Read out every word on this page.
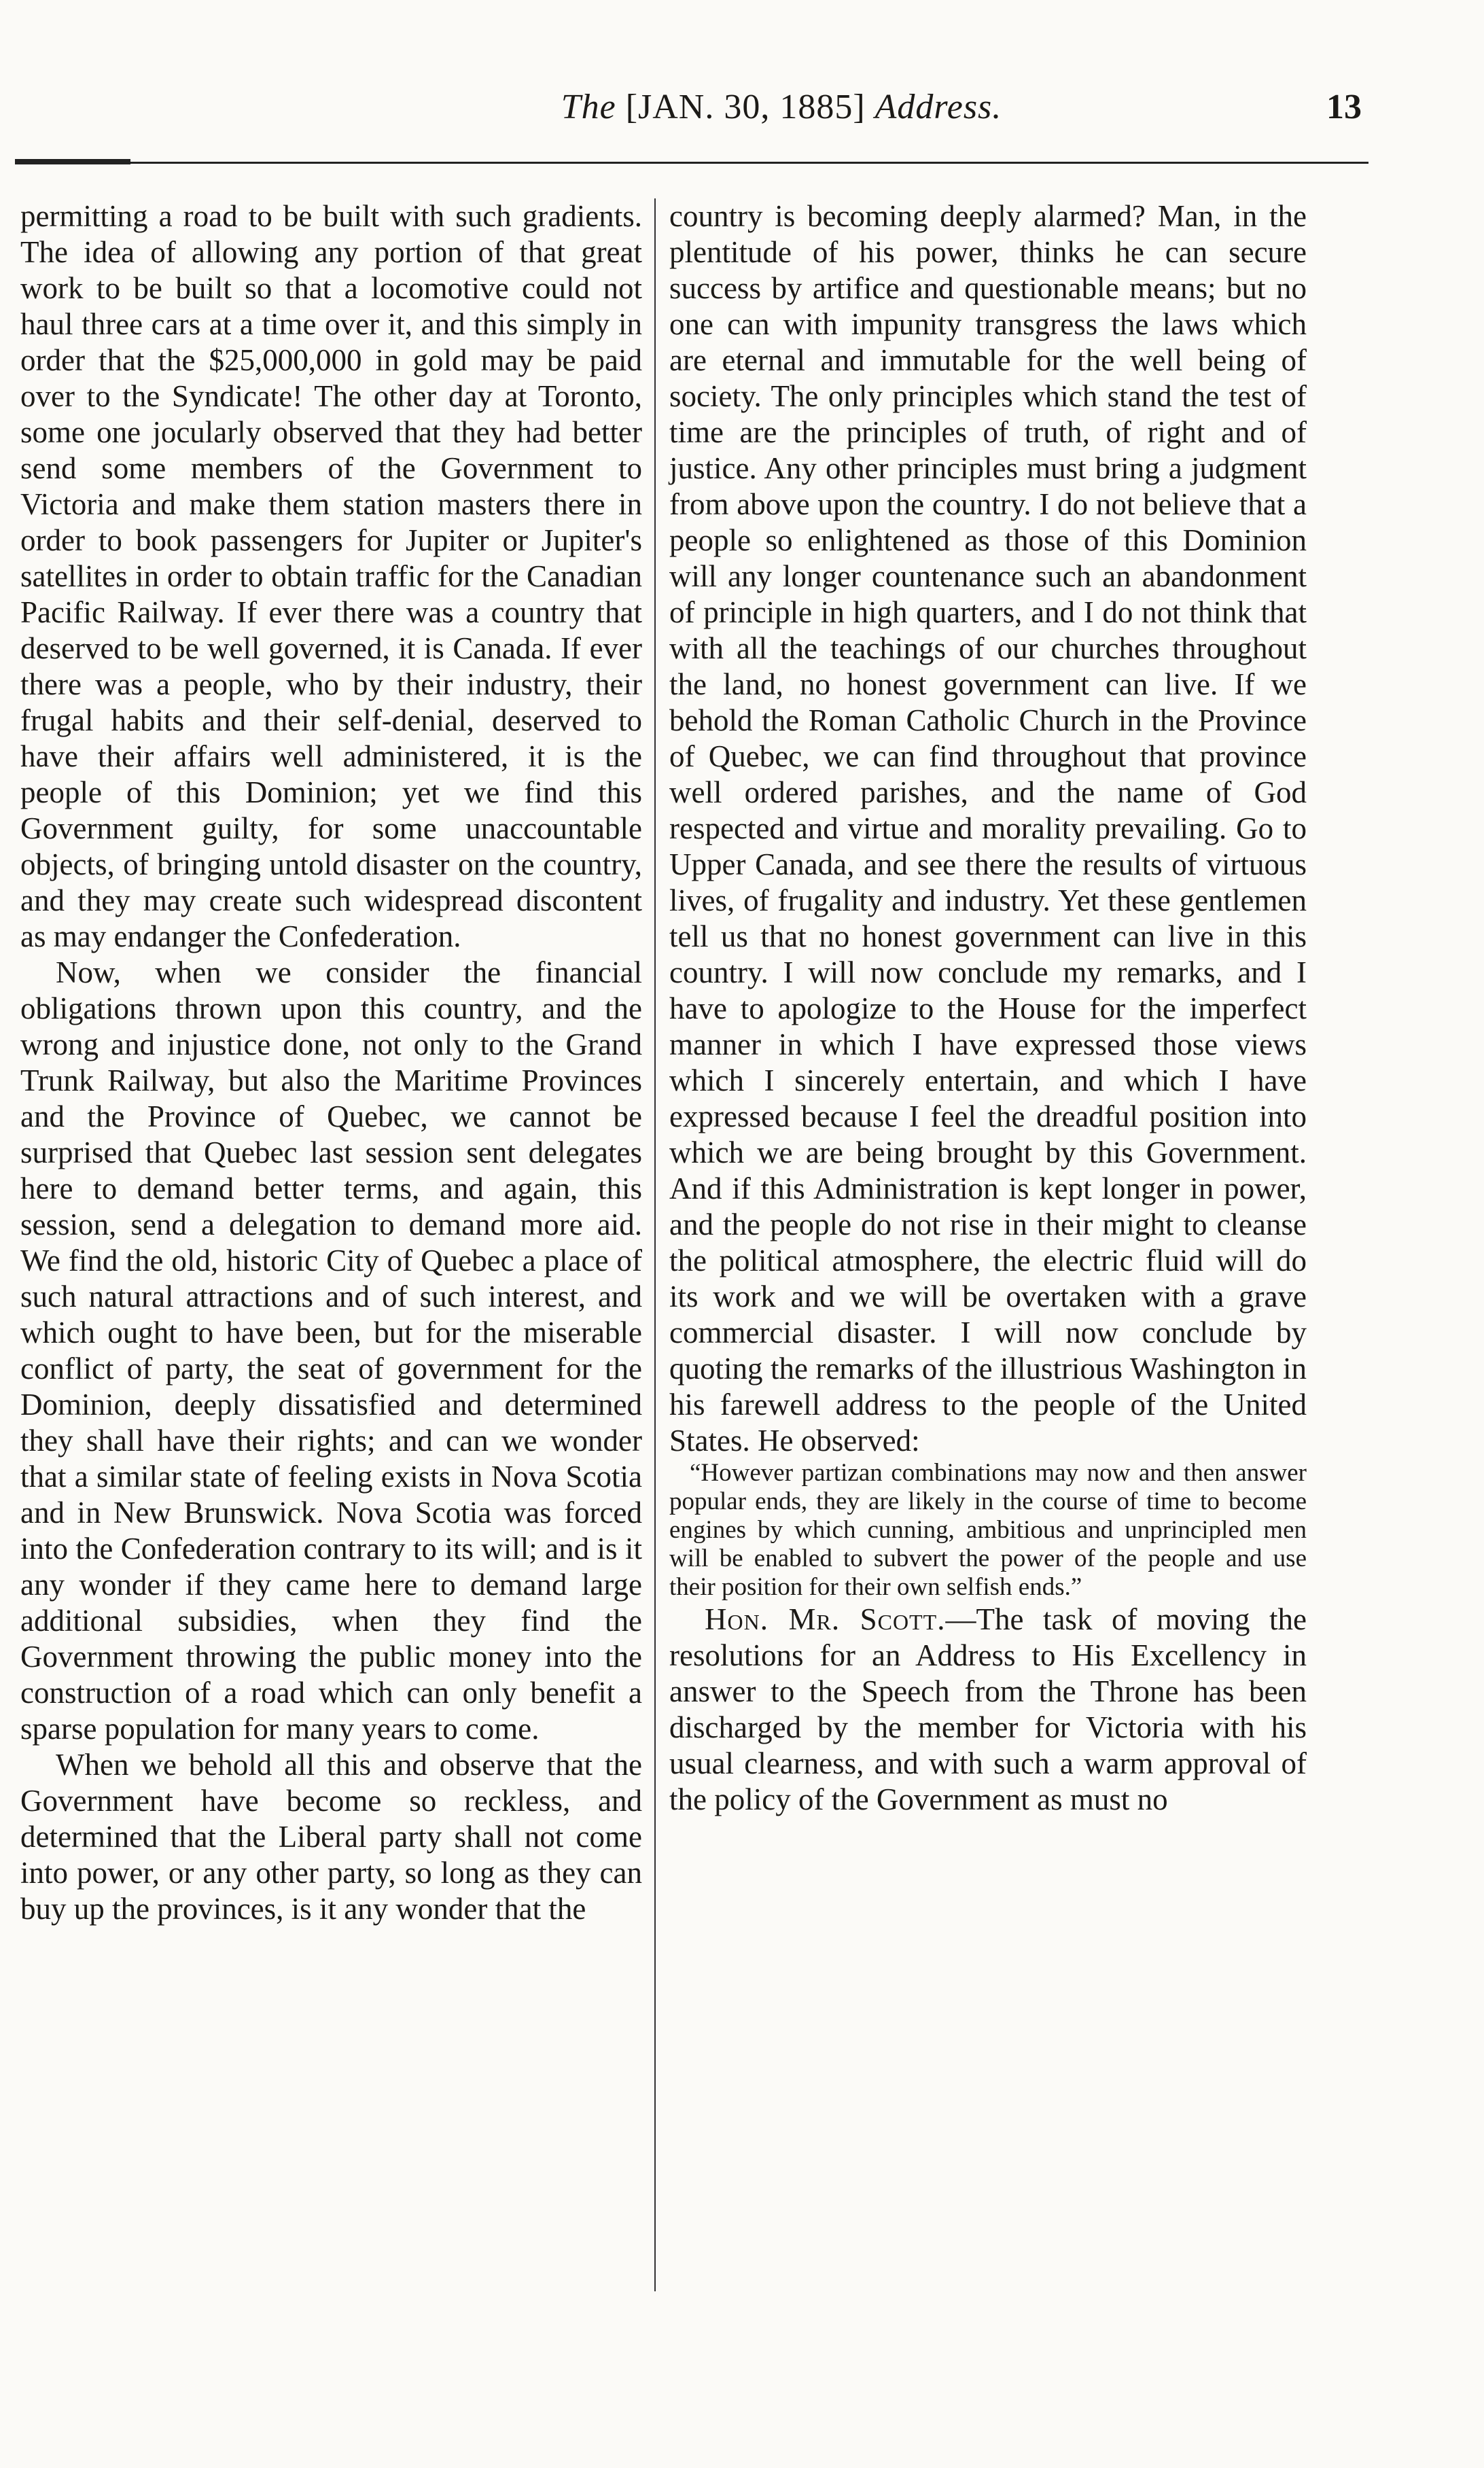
The [JAN. 30, 1885] Address.	13

permitting a road to be built with such gradients. The idea of allowing any portion of that great work to be built so that a locomotive could not haul three cars at a time over it, and this simply in order that the $25,000,000 in gold may be paid over to the Syndicate! The other day at Toronto, some one jocularly observed that they had better send some members of the Government to Victoria and make them station masters there in order to book passengers for Jupiter or Jupiter's satellites in order to obtain traffic for the Canadian Pacific Railway. If ever there was a country that deserved to be well governed, it is Canada. If ever there was a people, who by their industry, their frugal habits and their self-denial, deserved to have their affairs well administered, it is the people of this Dominion; yet we find this Government guilty, for some unaccountable objects, of bringing untold disaster on the country, and they may create such widespread discontent as may endanger the Confederation.

Now, when we consider the financial obligations thrown upon this country, and the wrong and injustice done, not only to the Grand Trunk Railway, but also the Maritime Provinces and the Province of Quebec, we cannot be surprised that Quebec last session sent delegates here to demand better terms, and again, this session, send a delegation to demand more aid. We find the old, historic City of Quebec a place of such natural attractions and of such interest, and which ought to have been, but for the miserable conflict of party, the seat of government for the Dominion, deeply dissatisfied and determined they shall have their rights; and can we wonder that a similar state of feeling exists in Nova Scotia and in New Brunswick. Nova Scotia was forced into the Confederation contrary to its will; and is it any wonder if they came here to demand large additional subsidies, when they find the Government throwing the public money into the construction of a road which can only benefit a sparse population for many years to come.

When we behold all this and observe that the Government have become so reckless, and determined that the Liberal party shall not come into power, or any other party, so long as they can buy up the provinces, is it any wonder that the

country is becoming deeply alarmed? Man, in the plentitude of his power, thinks he can secure success by artifice and questionable means; but no one can with impunity transgress the laws which are eternal and immutable for the well being of society. The only principles which stand the test of time are the principles of truth, of right and of justice. Any other principles must bring a judgment from above upon the country. I do not believe that a people so enlightened as those of this Dominion will any longer countenance such an abandonment of principle in high quarters, and I do not think that with all the teachings of our churches throughout the land, no honest government can live. If we behold the Roman Catholic Church in the Province of Quebec, we can find throughout that province well ordered parishes, and the name of God respected and virtue and morality prevailing. Go to Upper Canada, and see there the results of virtuous lives, of frugality and industry. Yet these gentlemen tell us that no honest government can live in this country. I will now conclude my remarks, and I have to apologize to the House for the imperfect manner in which I have expressed those views which I sincerely entertain, and which I have expressed because I feel the dreadful position into which we are being brought by this Government. And if this Administration is kept longer in power, and the people do not rise in their might to cleanse the political atmosphere, the electric fluid will do its work and we will be overtaken with a grave commercial disaster. I will now conclude by quoting the remarks of the illustrious Washington in his farewell address to the people of the United States. He observed:

“However partizan combinations may now and then answer popular ends, they are likely in the course of time to become engines by which cunning, ambitious and unprincipled men will be enabled to subvert the power of the people and use their position for their own selfish ends.”

Hon. Mr. Scott.—The task of moving the resolutions for an Address to His Excellency in answer to the Speech from the Throne has been discharged by the member for Victoria with his usual clearness, and with such a warm approval of the policy of the Government as must no
